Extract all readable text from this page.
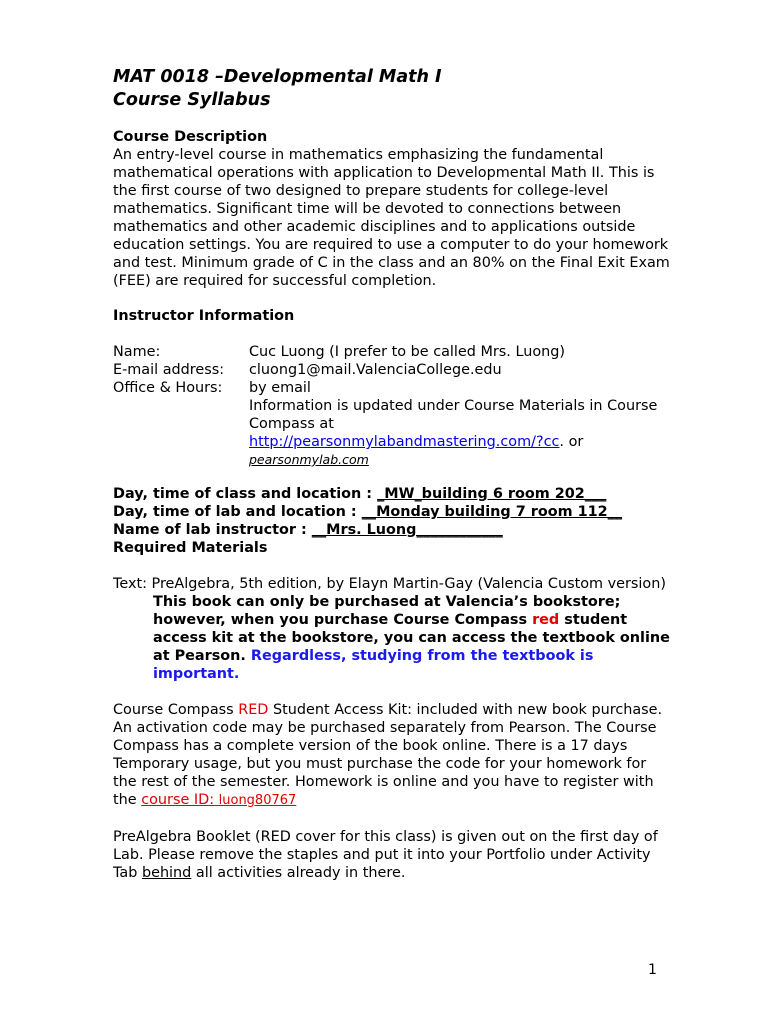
MAT 0018 –Developmental Math I
Course Syllabus
Course Description

An entry-level course in mathematics emphasizing the fundamental mathematical operations with application to Developmental Math II. This is the first course of two designed to prepare students for college-level mathematics. Significant time will be devoted to connections between mathematics and other academic disciplines and to applications outside education settings. You are required to use a computer to do your homework and test. Minimum grade of C in the class and an 80% on the Final Exit Exam (FEE) are required for successful completion.

Instructor Information
Name:	Cuc Luong (I prefer to be called Mrs. Luong)
E-mail address:	cluong1@mail.ValenciaCollege.edu
Office & Hours:	by email
Information is updated under Course Materials in Course Compass at
http://pearsonmylabandmastering.com/?cc. or
pearsonmylab.com

Day, time of class and location : _MW_building 6 room 202___

Day, time of lab and location : __Monday building 7 room 112__

Name of lab instructor : __Mrs. Luong____________

Required Materials

Text: PreAlgebra, 5th edition, by Elayn Martin-Gay (Valencia Custom version)

This book can only be purchased at Valencia’s bookstore; however, when you purchase Course Compass red student access kit at the bookstore, you can access the textbook online at Pearson. Regardless, studying from the textbook is important.

Course Compass RED Student Access Kit: included with new book purchase. An activation code may be purchased separately from Pearson. The Course Compass has a complete version of the book online. There is a 17 days Temporary usage, but you must purchase the code for your homework for the rest of the semester. Homework is online and you have to register with the course ID: luong80767

PreAlgebra Booklet (RED cover for this class) is given out on the first day of Lab. Please remove the staples and put it into your Portfolio under Activity Tab behind all activities already in there.

1
